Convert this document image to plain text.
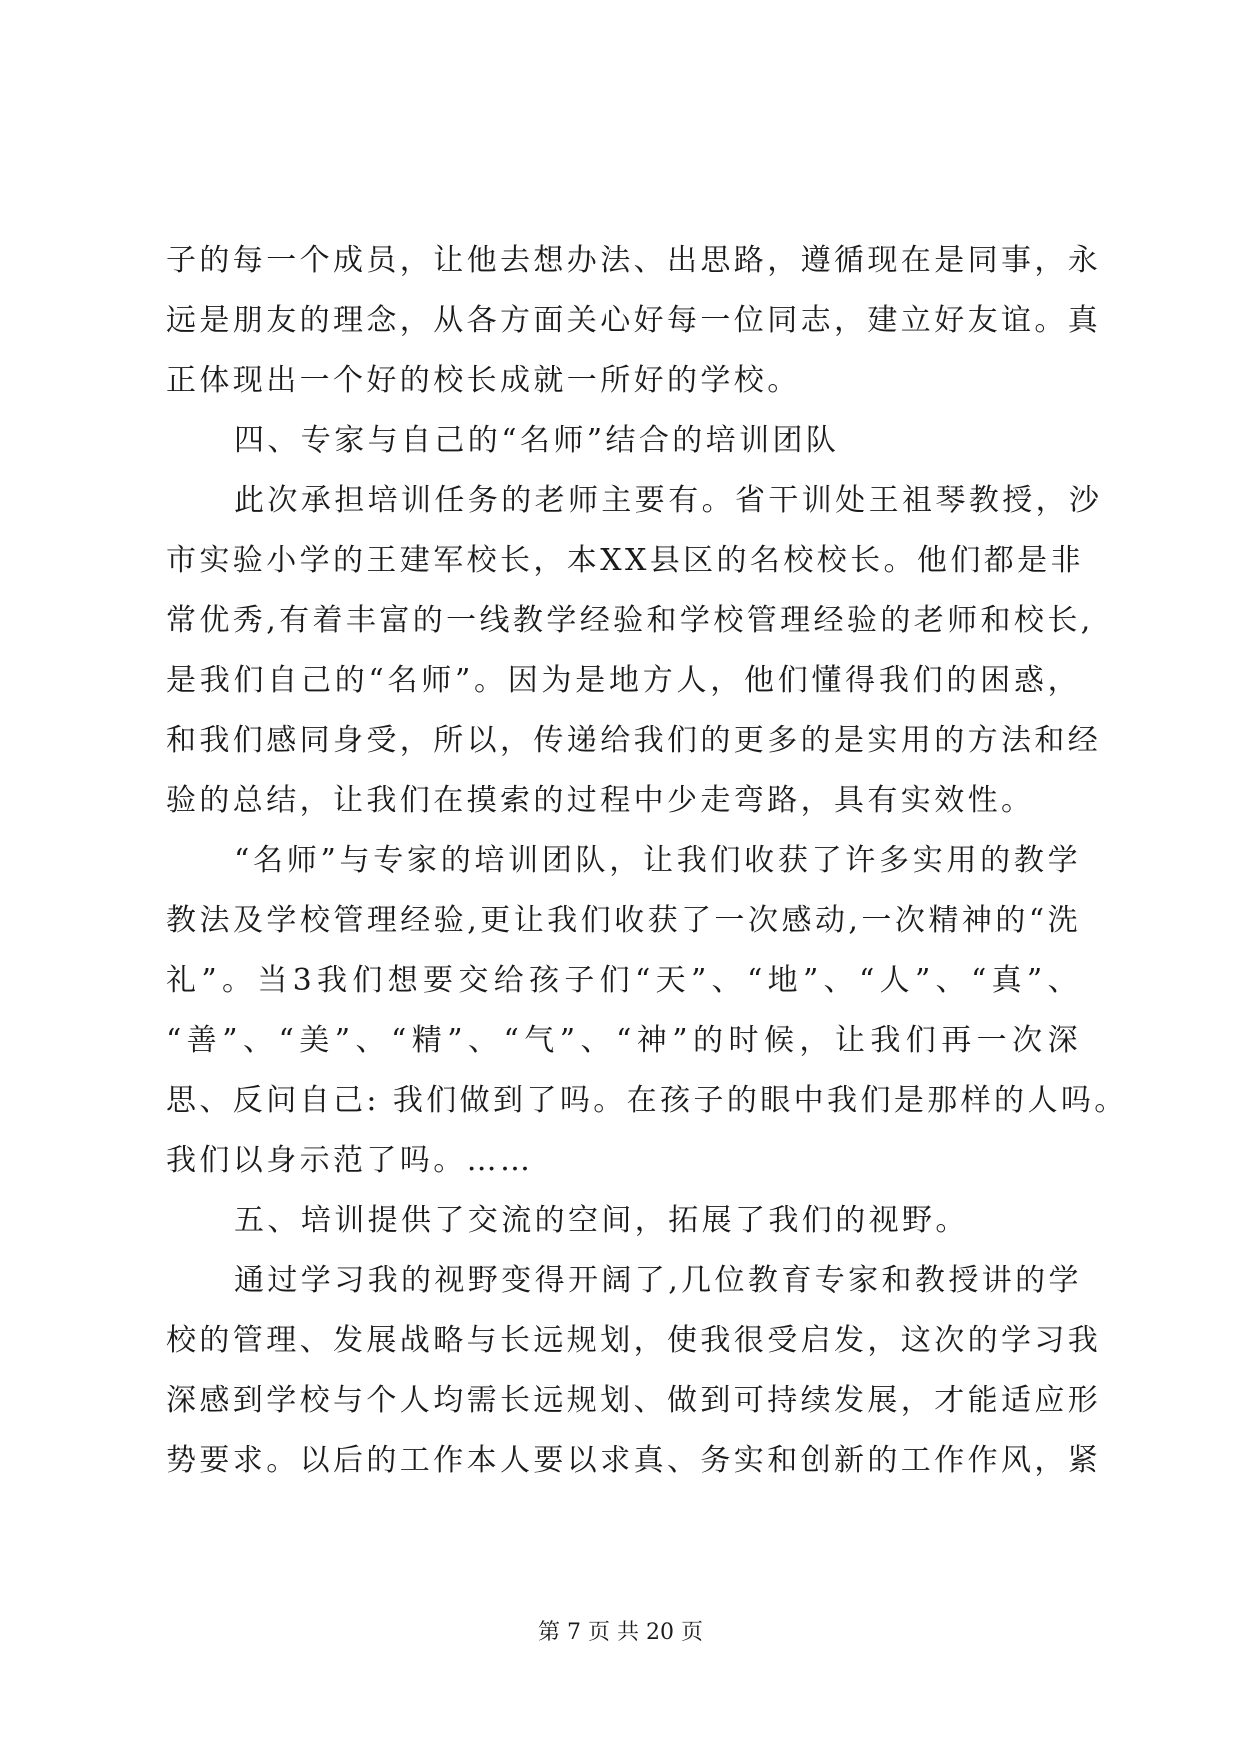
子的每一个成员，让他去想办法、出思路，遵循现在是同事，永
远是朋友的理念，从各方面关心好每一位同志，建立好友谊。真
正体现出一个好的校长成就一所好的学校。
四、专家与自己的“名师”结合的培训团队
此次承担培训任务的老师主要有。省干训处王祖琴教授，沙
市实验小学的王建军校长，本XX县区的名校校长。他们都是非
常优秀,有着丰富的一线教学经验和学校管理经验的老师和校长,
是我们自己的“名师”。因为是地方人，他们懂得我们的困惑，
和我们感同身受，所以，传递给我们的更多的是实用的方法和经
验的总结，让我们在摸索的过程中少走弯路，具有实效性。
“名师”与专家的培训团队，让我们收获了许多实用的教学
教法及学校管理经验,更让我们收获了一次感动,一次精神的“洗
礼”。当3我们想要交给孩子们“天”、“地”、“人”、“真”、
“善”、“美”、“精”、“气”、“神”的时候，让我们再一次深
思、反问自己: 我们做到了吗。在孩子的眼中我们是那样的人吗。
我们以身示范了吗。……
五、培训提供了交流的空间，拓展了我们的视野。
通过学习我的视野变得开阔了,几位教育专家和教授讲的学
校的管理、发展战略与长远规划，使我很受启发，这次的学习我
深感到学校与个人均需长远规划、做到可持续发展，才能适应形
势要求。以后的工作本人要以求真、务实和创新的工作作风，紧
第 7 页 共 20 页
